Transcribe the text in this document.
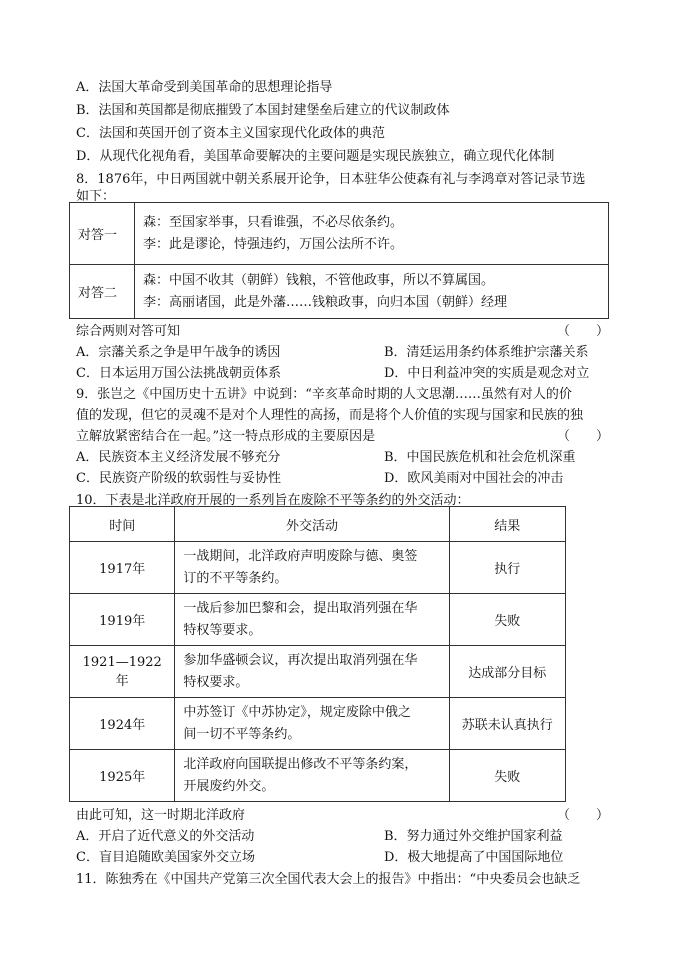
A．法国大革命受到美国革命的思想理论指导
B．法国和英国都是彻底摧毁了本国封建堡垒后建立的代议制政体
C．法国和英国开创了资本主义国家现代化政体的典范
D．从现代化视角看，美国革命要解决的主要问题是实现民族独立，确立现代化体制
8．1876年，中日两国就中朝关系展开论争，日本驻华公使森有礼与李鸿章对答记录节选
如下：
对答一	森：至国家举事，只看谁强，不必尽依条约。
李：此是谬论，恃强违约，万国公法所不许。

对答二	森：中国不收其（朝鲜）钱粮，不管他政事，所以不算属国。
李：高丽诸国，此是外藩……钱粮政事，向归本国（朝鲜）经理
综合两则对答可知	（　　）
A．宗藩关系之争是甲午战争的诱因	B．清廷运用条约体系维护宗藩关系
C．日本运用万国公法挑战朝贡体系	D．中日利益冲突的实质是观念对立
9．张岂之《中国历史十五讲》中说到：“辛亥革命时期的人文思潮……虽然有对人的价
值的发现，但它的灵魂不是对个人理性的高扬，而是将个人价值的实现与国家和民族的独
立解放紧密结合在一起。”这一特点形成的主要原因是	（　　）
A．民族资本主义经济发展不够充分	B．中国民族危机和社会危机深重
C．民族资产阶级的软弱性与妥协性	D．欧风美雨对中国社会的冲击
10．下表是北洋政府开展的一系列旨在废除不平等条约的外交活动：
时间	外交活动	结果
1917年	一战期间，北洋政府声明废除与德、奥签
订的不平等条约。	执行
1919年	一战后参加巴黎和会，提出取消列强在华
特权等要求。	失败
1921—1922年	参加华盛顿会议，再次提出取消列强在华
特权要求。	达成部分目标
1924年	中苏签订《中苏协定》，规定废除中俄之
间一切不平等条约。	苏联未认真执行
1925年	北洋政府向国联提出修改不平等条约案，
开展废约外交。	失败
由此可知，这一时期北洋政府	（　　）
A．开启了近代意义的外交活动	B．努力通过外交维护国家利益
C．盲目追随欧美国家外交立场	D．极大地提高了中国国际地位
11．陈独秀在《中国共产党第三次全国代表大会上的报告》中指出：“中央委员会也缺乏
